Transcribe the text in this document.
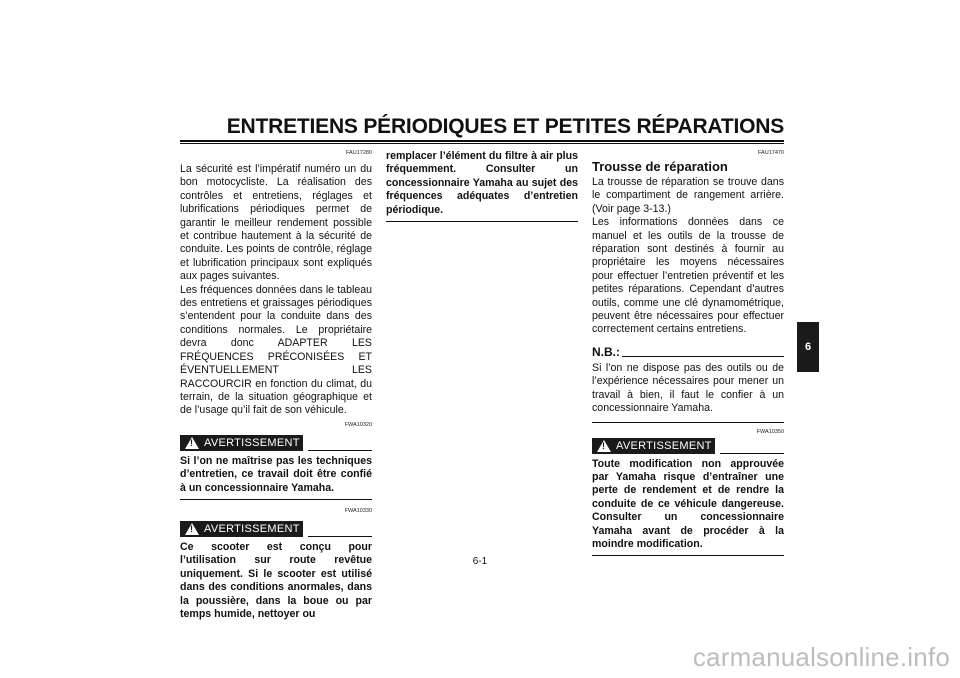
ENTRETIENS PÉRIODIQUES ET PETITES RÉPARATIONS
FAU17280

La sécurité est l’impératif numéro un du bon motocycliste. La réalisation des contrôles et entretiens, réglages et lubrifications périodiques permet de garantir le meilleur rendement possible et contribue hautement à la sécurité de conduite. Les points de contrôle, réglage et lubrification principaux sont expliqués aux pages suivantes.

Les fréquences données dans le tableau des entretiens et graissages périodiques s’entendent pour la conduite dans des conditions normales. Le propriétaire devra donc ADAPTER LES FRÉQUENCES PRÉCONISÉES ET ÉVENTUELLEMENT LES RACCOURCIR en fonction du climat, du terrain, de la situation géographique et de l’usage qu’il fait de son véhicule.

FWA10320
! AVERTISSEMENT

Si l’on ne maîtrise pas les techniques d’entretien, ce travail doit être confié à un concessionnaire Yamaha.

FWA10330
! AVERTISSEMENT

Ce scooter est conçu pour l’utilisation sur route revêtue uniquement. Si le scooter est utilisé dans des conditions anormales, dans la poussière, dans la boue ou par temps humide, nettoyer ou

remplacer l’élément du filtre à air plus fréquemment. Consulter un concessionnaire Yamaha au sujet des fréquences adéquates d’entretien périodique.

FAU17470
Trousse de réparation

La trousse de réparation se trouve dans le compartiment de rangement arrière. (Voir page 3-13.)

Les informations données dans ce manuel et les outils de la trousse de réparation sont destinés à fournir au propriétaire les moyens nécessaires pour effectuer l’entretien préventif et les petites réparations. Cependant d’autres outils, comme une clé dynamométrique, peuvent être nécessaires pour effectuer correctement certains entretiens.

N.B.:

Si l’on ne dispose pas des outils ou de l’expérience nécessaires pour mener un travail à bien, il faut le confier à un concessionnaire Yamaha.

FWA10350
! AVERTISSEMENT

Toute modification non approuvée par Yamaha risque d’entraîner une perte de rendement et de rendre la conduite de ce véhicule dangereuse. Consulter un concessionnaire Yamaha avant de procéder à la moindre modification.

6
6-1
carmanualsonline.info
